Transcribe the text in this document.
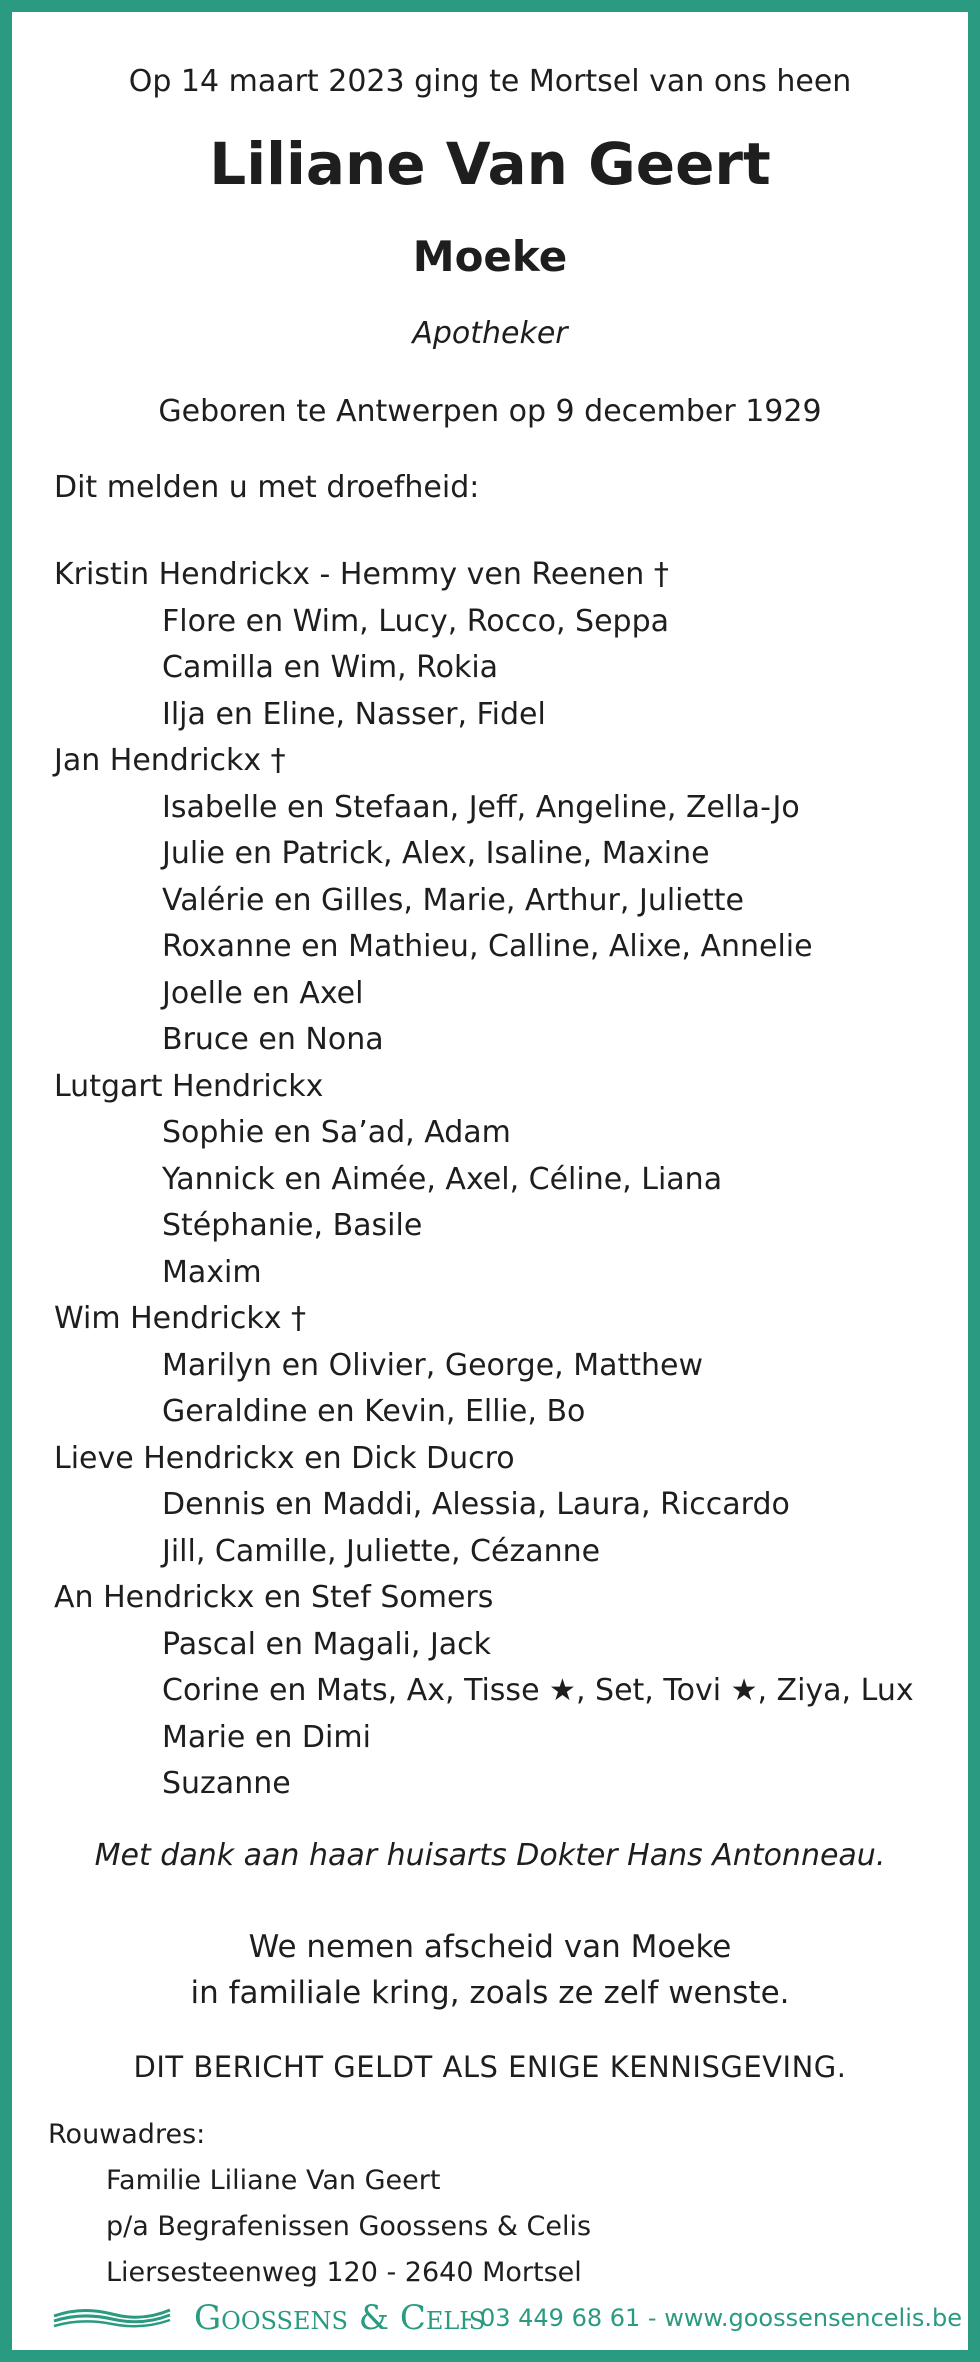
Op 14 maart 2023 ging te Mortsel van ons heen
Liliane Van Geert
Moeke
Apotheker
Geboren te Antwerpen op 9 december 1929
Dit melden u met droefheid:
Kristin Hendrickx - Hemmy ven Reenen †
Flore en Wim, Lucy, Rocco, Seppa
Camilla en Wim, Rokia
Ilja en Eline, Nasser, Fidel
Jan Hendrickx †
Isabelle en Stefaan, Jeff, Angeline, Zella-Jo
Julie en Patrick, Alex, Isaline, Maxine
Valérie en Gilles, Marie, Arthur, Juliette
Roxanne en Mathieu, Calline, Alixe, Annelie
Joelle en Axel
Bruce en Nona
Lutgart Hendrickx
Sophie en Sa’ad, Adam
Yannick en Aimée, Axel, Céline, Liana
Stéphanie, Basile
Maxim
Wim Hendrickx †
Marilyn en Olivier, George, Matthew
Geraldine en Kevin, Ellie, Bo
Lieve Hendrickx en Dick Ducro
Dennis en Maddi, Alessia, Laura, Riccardo
Jill, Camille, Juliette, Cézanne
An Hendrickx en Stef Somers
Pascal en Magali, Jack
Corine en Mats, Ax, Tisse ★, Set, Tovi ★, Ziya, Lux
Marie en Dimi
Suzanne
Met dank aan haar huisarts Dokter Hans Antonneau.
We nemen afscheid van Moeke
in familiale kring, zoals ze zelf wenste.
DIT BERICHT GELDT ALS ENIGE KENNISGEVING.
Rouwadres:
Familie Liliane Van Geert
p/a Begrafenissen Goossens & Celis
Liersesteenweg 120 - 2640 Mortsel
Goossens & Celis
- 03 449 68 61 - www.goossensencelis.be
